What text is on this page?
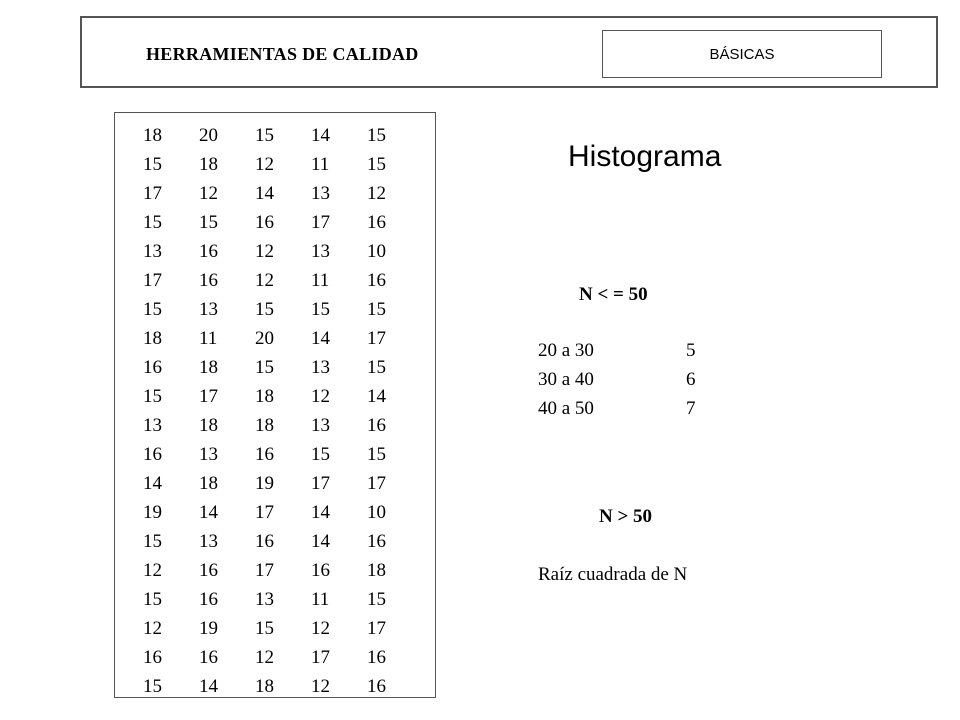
HERRAMIENTAS DE CALIDAD	BÁSICAS
18	20	15	14	15
15	18	12	11	15
17	12	14	13	12
15	15	16	17	16
13	16	12	13	10
17	16	12	11	16
15	13	15	15	15
18	11	20	14	17
16	18	15	13	15
15	17	18	12	14
13	18	18	13	16
16	13	16	15	15
14	18	19	17	17
19	14	17	14	10
15	13	16	14	16
12	16	17	16	18
15	16	13	11	15
12	19	15	12	17
16	16	12	17	16
15	14	18	12	16
Histograma
N < = 50
20 a 30	5
30 a 40	6
40 a 50	7
N > 50
Raíz cuadrada de N
